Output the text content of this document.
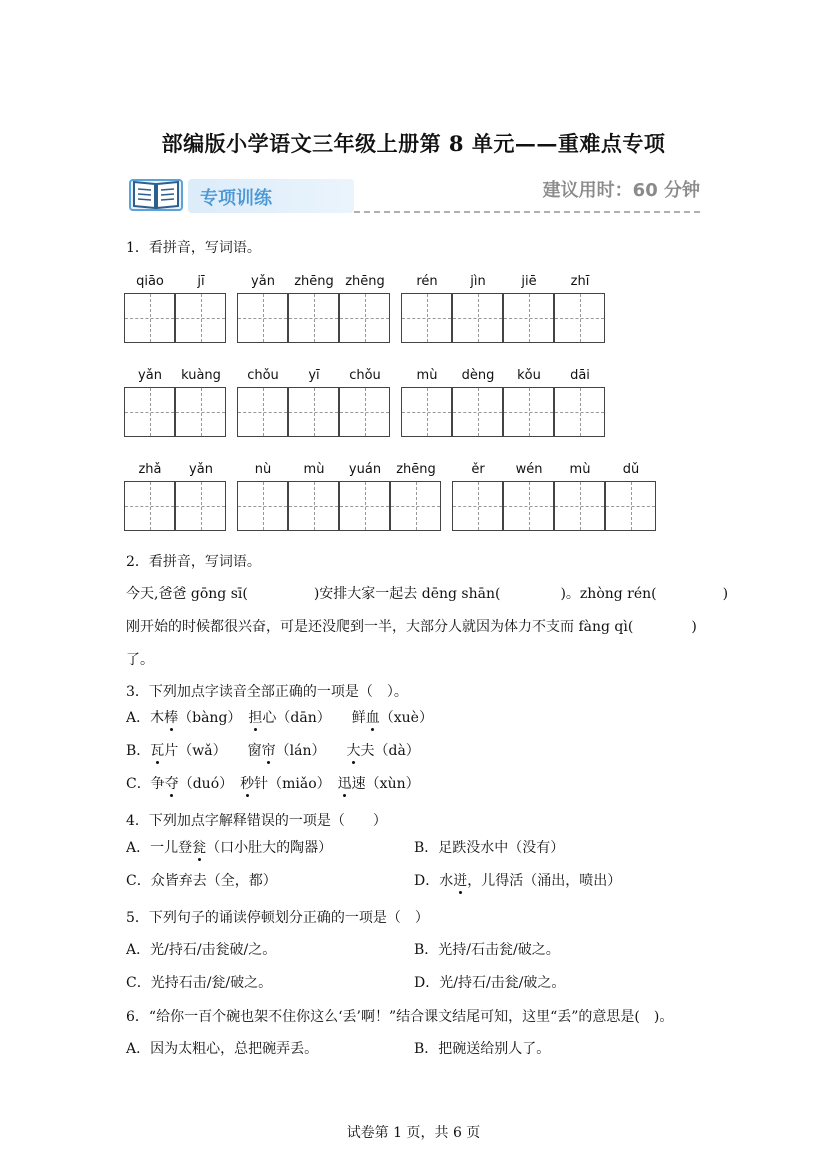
部编版小学语文三年级上册第 8 单元——重难点专项
专项训练	建议用时：60 分钟
1．看拼音，写词语。
qiāo	jī	yǎn	zhēng zhēng	rén	jìn	jiē	zhī
yǎn	kuàng	chǒu	yī	chǒu	mù	dèng	kǒu	dāi
zhǎ	yǎn	nù	mù	yuán	zhēng	ěr	wén	mù	dǔ
2．看拼音，写词语。
今天,爸爸 gōng sī(	)安排大家一起去 dēng shān(	)。zhòng rén(	)
刚开始的时候都很兴奋，可是还没爬到一半，大部分人就因为体力不支而 fàng qì(	)
了。
3．下列加点字读音全部正确的一项是（　）。
A．木棒（bàng）　担心（dān）　　鲜血（xuè）
B．瓦片（wǎ）　　窗帘（lán）　　大夫（dà）
C．争夺（duó）　秒针（miǎo）　迅速（xùn）
4．下列加点字解释错误的一项是（　　）
A．一儿登瓮（口小肚大的陶器）	B．足跌没水中（没有）
C．众皆弃去（全，都）	D．水迸，儿得活（涌出，喷出）
5．下列句子的诵读停顿划分正确的一项是（　）
A．光/持石/击瓮破/之。	B．光持/石击瓮/破之。
C．光持石击/瓮/破之。	D．光/持石/击瓮/破之。
6．“给你一百个碗也架不住你这么‘丢’啊！”结合课文结尾可知，这里“丢”的意思是(　)。
A．因为太粗心，总把碗弄丢。	B．把碗送给别人了。
试卷第 1 页，共 6 页
